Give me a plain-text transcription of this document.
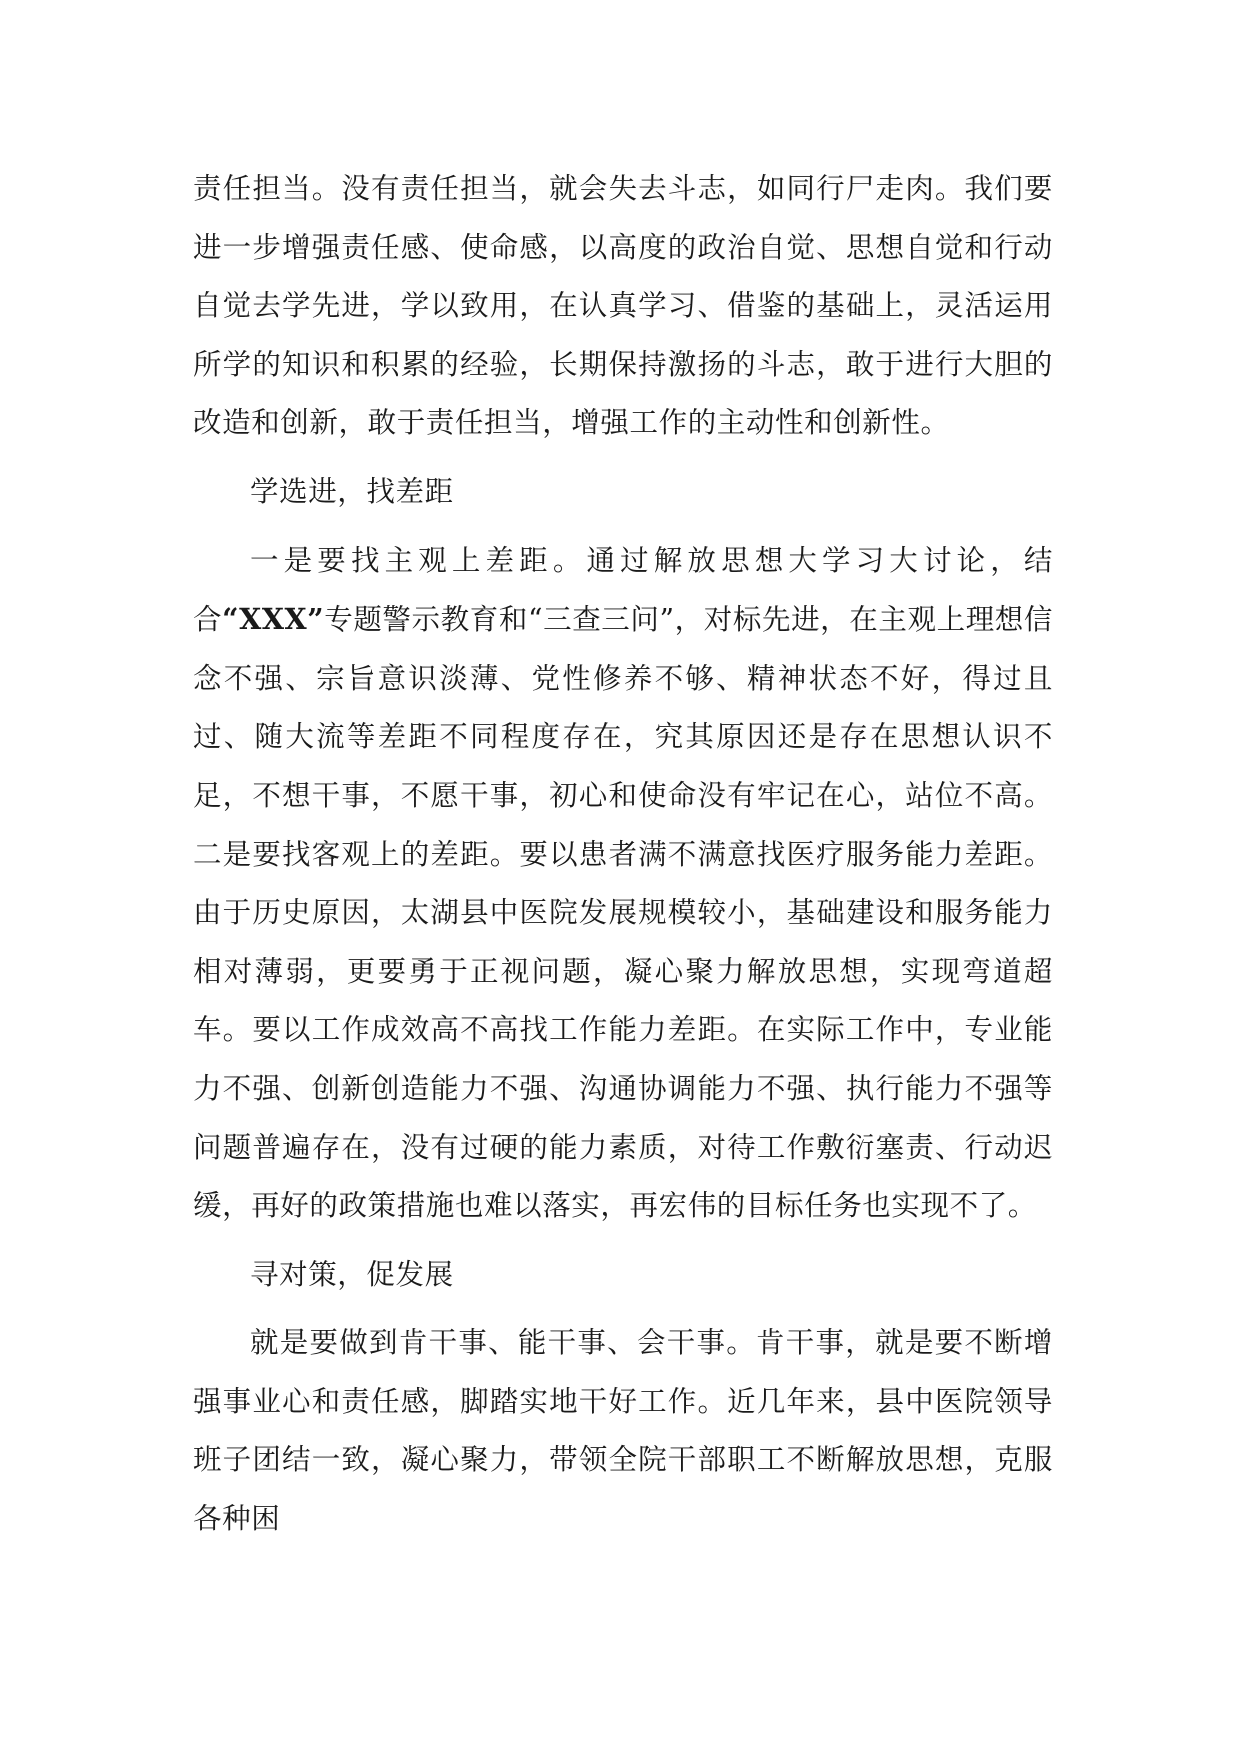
责任担当。没有责任担当，就会失去斗志，如同行尸走肉。我们要进一步增强责任感、使命感，以高度的政治自觉、思想自觉和行动自觉去学先进，学以致用，在认真学习、借鉴的基础上，灵活运用所学的知识和积累的经验，长期保持激扬的斗志，敢于进行大胆的改造和创新，敢于责任担当，增强工作的主动性和创新性。

学选进，找差距

一是要找主观上差距。通过解放思想大学习大讨论，结合“XXX”专题警示教育和“三查三问”，对标先进，在主观上理想信念不强、宗旨意识淡薄、党性修养不够、精神状态不好，得过且过、随大流等差距不同程度存在，究其原因还是存在思想认识不足，不想干事，不愿干事，初心和使命没有牢记在心，站位不高。二是要找客观上的差距。要以患者满不满意找医疗服务能力差距。由于历史原因，太湖县中医院发展规模较小，基础建设和服务能力相对薄弱，更要勇于正视问题，凝心聚力解放思想，实现弯道超车。要以工作成效高不高找工作能力差距。在实际工作中，专业能力不强、创新创造能力不强、沟通协调能力不强、执行能力不强等问题普遍存在，没有过硬的能力素质，对待工作敷衍塞责、行动迟缓，再好的政策措施也难以落实，再宏伟的目标任务也实现不了。

寻对策，促发展

就是要做到肯干事、能干事、会干事。肯干事，就是要不断增强事业心和责任感，脚踏实地干好工作。近几年来，县中医院领导班子团结一致，凝心聚力，带领全院干部职工不断解放思想，克服各种困
